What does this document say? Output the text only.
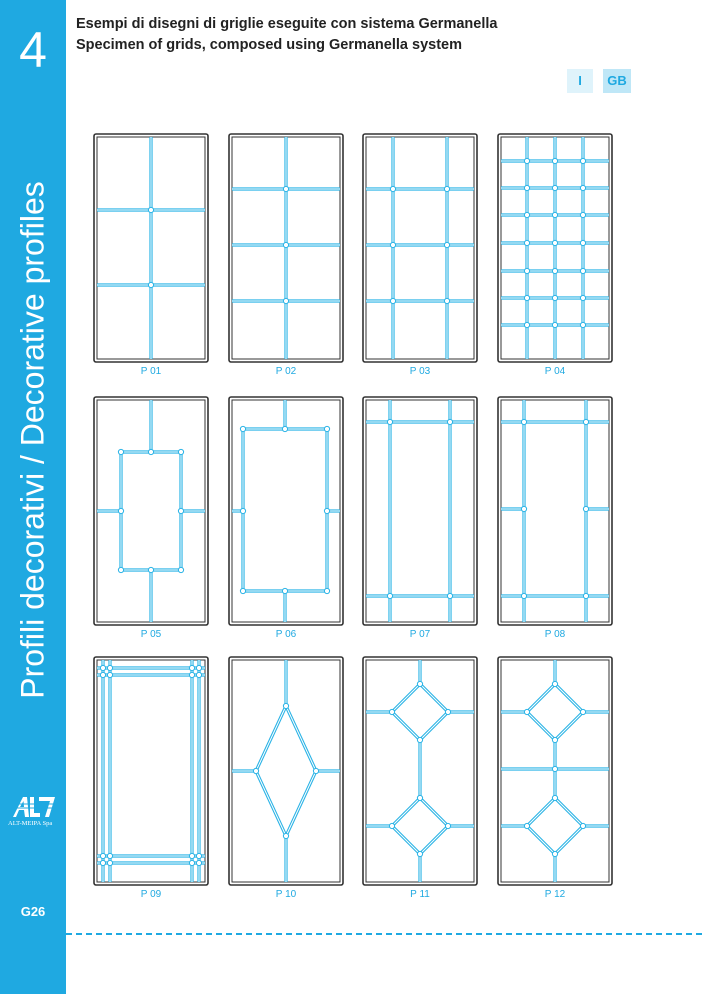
4
Profili decorativi / Decorative profiles
ALT-MEIPA Spa
G26
Esempi di disegni di griglie eseguite con sistema Germanella
Specimen of grids, composed using Germanella system
I	GB
P 01	P 02	P 03	P 04
P 05	P 06	P 07	P 08
P 09	P 10	P 11	P 12
